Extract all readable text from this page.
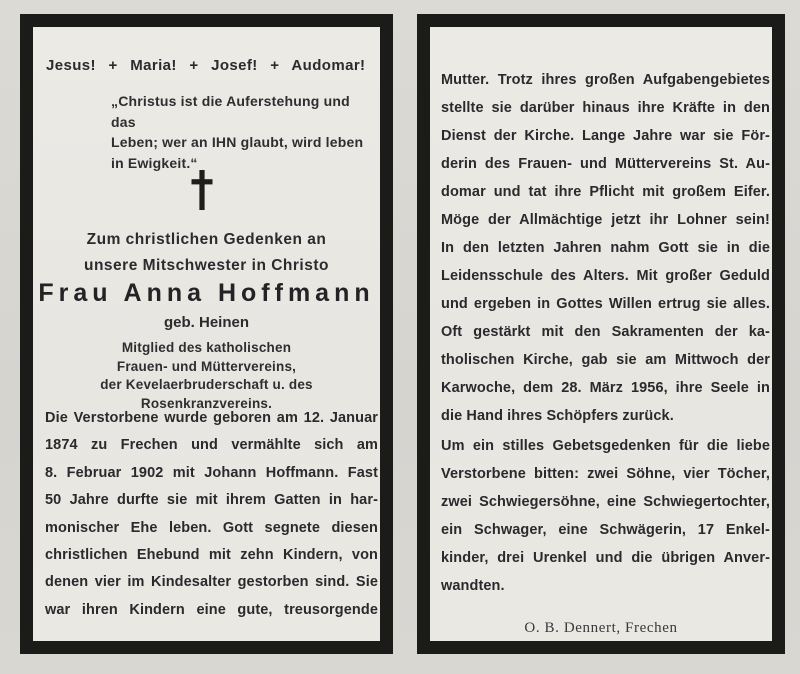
Jesus! + Maria! + Josef! + Audomar!
„Christus ist die Auferstehung und das
Leben; wer an IHN glaubt, wird leben
in Ewigkeit.“
Zum christlichen Gedenken an
unsere Mitschwester in Christo
Frau Anna Hoffmann
geb. Heinen
Mitglied des katholischen
Frauen- und Müttervereins,
der Kevelaerbruderschaft u. des Rosenkranzvereins.
Die Verstorbene wurde geboren am 12. Januar
1874 zu Frechen und vermählte sich am
8. Februar 1902 mit Johann Hoffmann. Fast
50 Jahre durfte sie mit ihrem Gatten in har-
monischer Ehe leben. Gott segnete diesen
christlichen Ehebund mit zehn Kindern, von
denen vier im Kindesalter gestorben sind. Sie
war ihren Kindern eine gute, treusorgende
Mutter. Trotz ihres großen Aufgabengebietes
stellte sie darüber hinaus ihre Kräfte in den
Dienst der Kirche. Lange Jahre war sie För-
derin des Frauen- und Müttervereins St. Au-
domar und tat ihre Pflicht mit großem Eifer.
Möge der Allmächtige jetzt ihr Lohner sein!
In den letzten Jahren nahm Gott sie in die
Leidensschule des Alters. Mit großer Geduld
und ergeben in Gottes Willen ertrug sie alles.
Oft gestärkt mit den Sakramenten der ka-
tholischen Kirche, gab sie am Mittwoch der
Karwoche, dem 28. März 1956, ihre Seele in
die Hand ihres Schöpfers zurück.
Um ein stilles Gebetsgedenken für die liebe
Verstorbene bitten: zwei Söhne, vier Töcher,
zwei Schwiegersöhne, eine Schwiegertochter,
ein Schwager, eine Schwägerin, 17 Enkel-
kinder, drei Urenkel und die übrigen Anver-
wandten.
O. B. Dennert, Frechen
